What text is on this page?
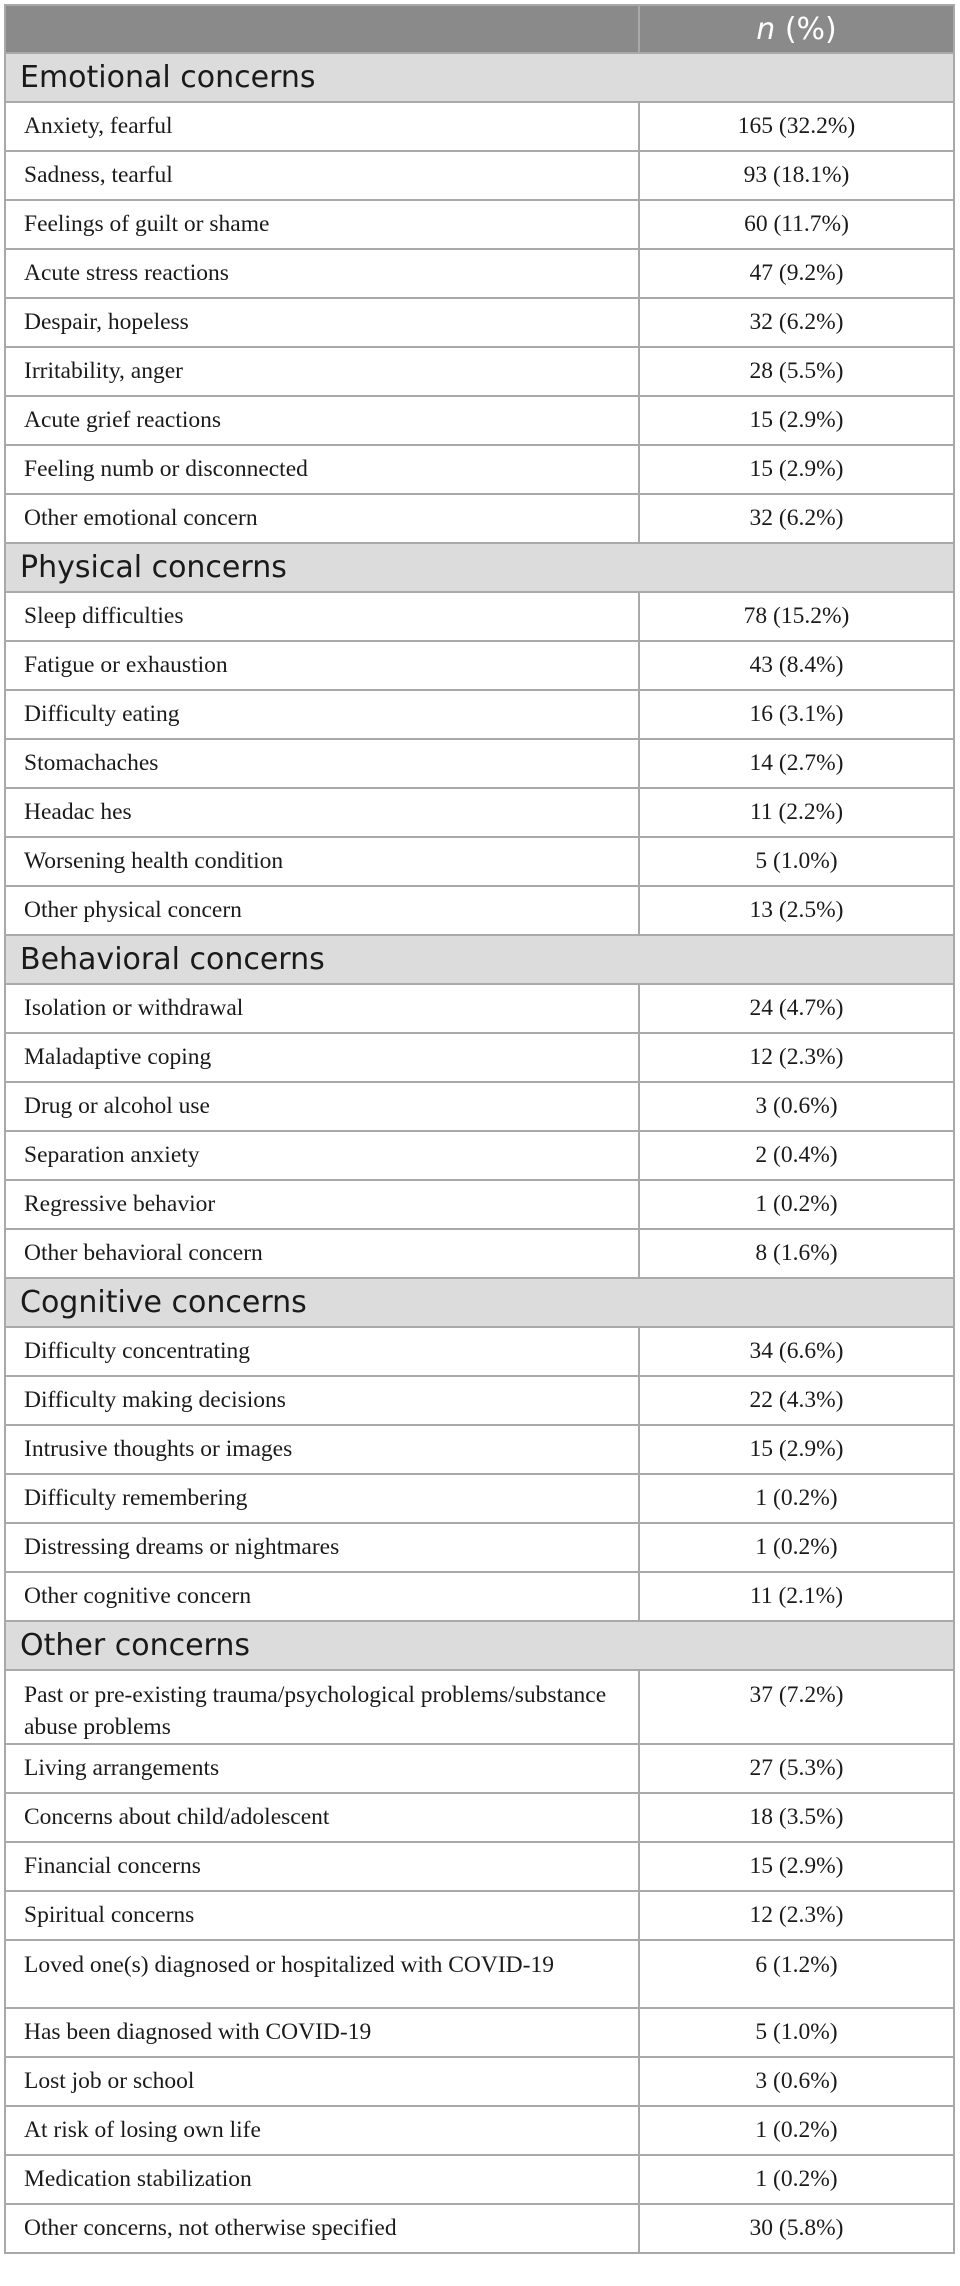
	n (%)
Emotional concerns	
Anxiety, fearful	165 (32.2%)
Sadness, tearful	93 (18.1%)
Feelings of guilt or shame	60 (11.7%)
Acute stress reactions	47 (9.2%)
Despair, hopeless	32 (6.2%)
Irritability, anger	28 (5.5%)
Acute grief reactions	15 (2.9%)
Feeling numb or disconnected	15 (2.9%)
Other emotional concern	32 (6.2%)
Physical concerns	
Sleep difficulties	78 (15.2%)
Fatigue or exhaustion	43 (8.4%)
Difficulty eating	16 (3.1%)
Stomachaches	14 (2.7%)
Headac hes	11 (2.2%)
Worsening health condition	5 (1.0%)
Other physical concern	13 (2.5%)
Behavioral concerns	
Isolation or withdrawal	24 (4.7%)
Maladaptive coping	12 (2.3%)
Drug or alcohol use	3 (0.6%)
Separation anxiety	2 (0.4%)
Regressive behavior	1 (0.2%)
Other behavioral concern	8 (1.6%)
Cognitive concerns	
Difficulty concentrating	34 (6.6%)
Difficulty making decisions	22 (4.3%)
Intrusive thoughts or images	15 (2.9%)
Difficulty remembering	1 (0.2%)
Distressing dreams or nightmares	1 (0.2%)
Other cognitive concern	11 (2.1%)
Other concerns	
Past or pre-existing trauma/psychological problems/substance abuse problems	37 (7.2%)
Living arrangements	27 (5.3%)
Concerns about child/adolescent	18 (3.5%)
Financial concerns	15 (2.9%)
Spiritual concerns	12 (2.3%)
Loved one(s) diagnosed or hospitalized with COVID-19	6 (1.2%)
Has been diagnosed with COVID-19	5 (1.0%)
Lost job or school	3 (0.6%)
At risk of losing own life	1 (0.2%)
Medication stabilization	1 (0.2%)
Other concerns, not otherwise specified	30 (5.8%)
